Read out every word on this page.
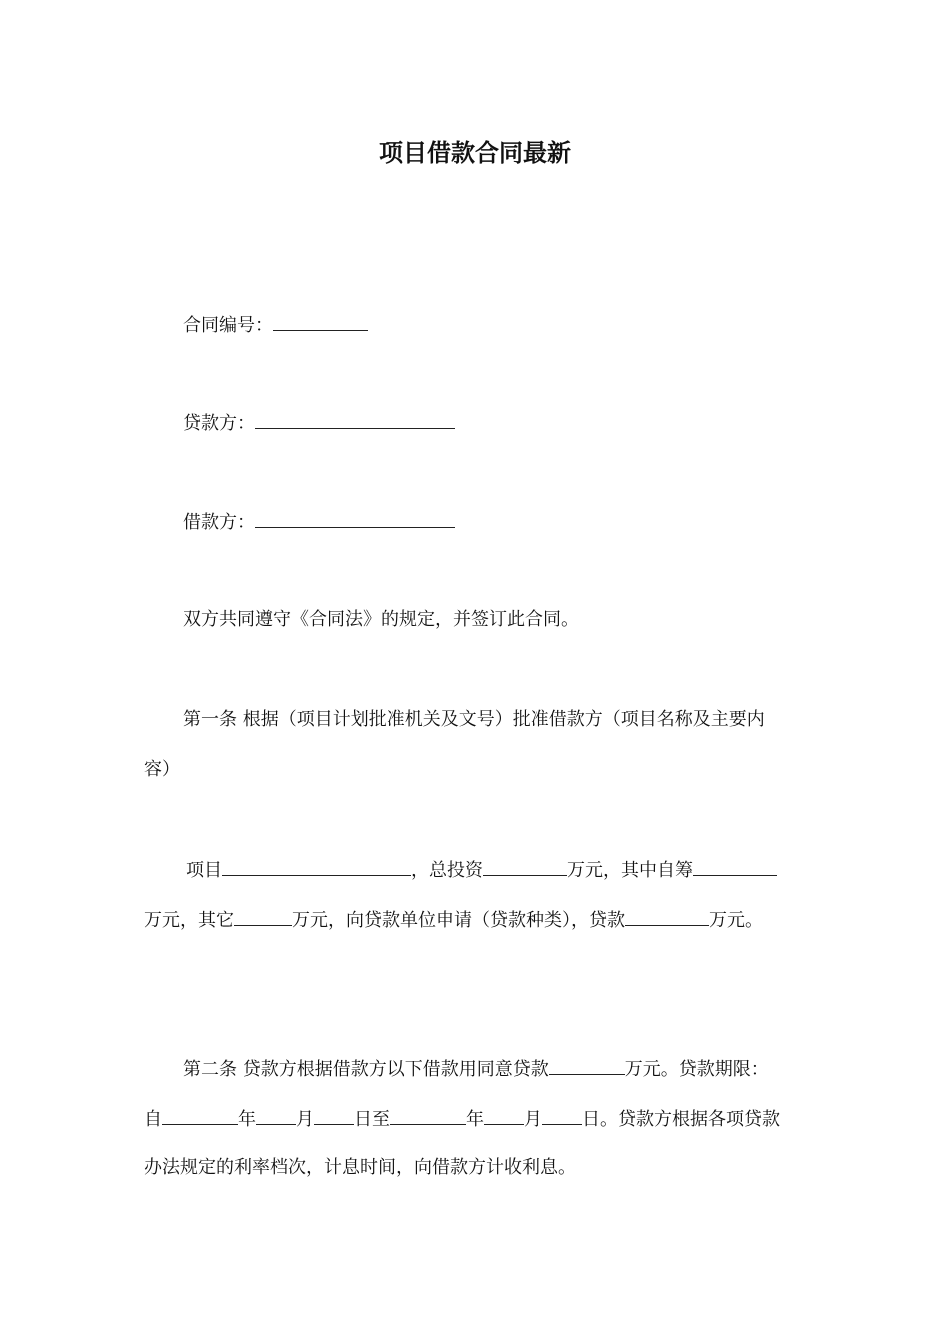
项目借款合同最新
合同编号：
贷款方：
借款方：
双方共同遵守《合同法》的规定，并签订此合同。
第一条 根据（项目计划批准机关及文号）批准借款方（项目名称及主要内
容）
项目	，总投资	万元，其中自筹
万元，其它	万元，向贷款单位申请（贷款种类），贷款	万元。
第二条 贷款方根据借款方以下借款用同意贷款	万元。贷款期限：
自	年 月 日至	年 月 日。贷款方根据各项贷款
办法规定的利率档次，计息时间，向借款方计收利息。
